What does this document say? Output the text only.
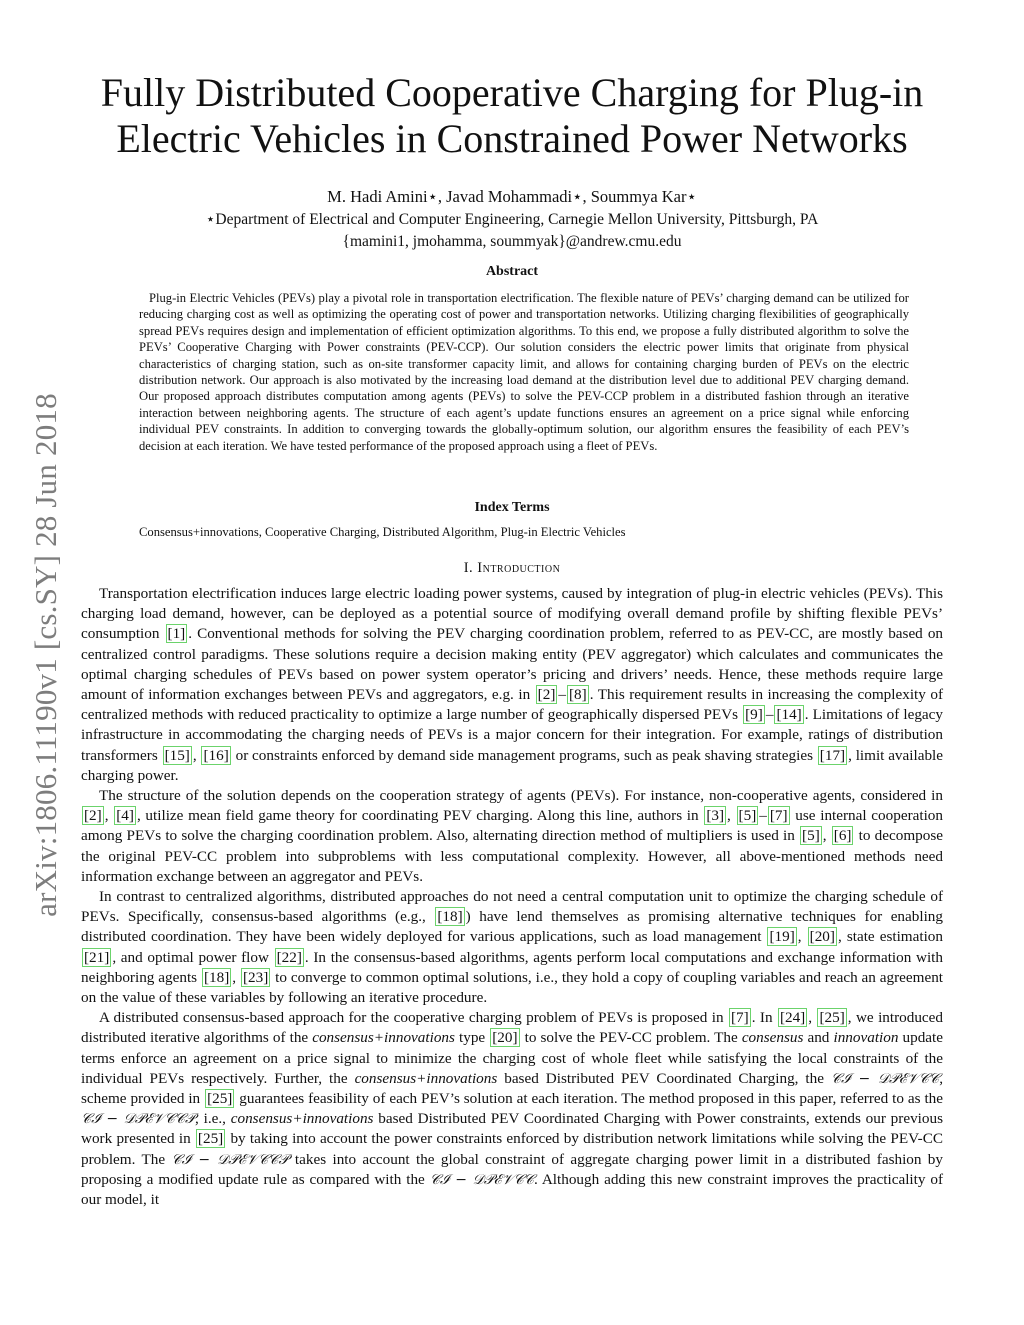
arXiv:1806.11190v1 [cs.SY] 28 Jun 2018
Fully Distributed Cooperative Charging for Plug-in
Electric Vehicles in Constrained Power Networks
M. Hadi Amini⋆, Javad Mohammadi⋆, Soummya Kar⋆
⋆Department of Electrical and Computer Engineering, Carnegie Mellon University, Pittsburgh, PA
{mamini1, jmohamma, soummyak}@andrew.cmu.edu
Abstract
Plug-in Electric Vehicles (PEVs) play a pivotal role in transportation electrification. The flexible nature of PEVs’ charging demand can be utilized for reducing charging cost as well as optimizing the operating cost of power and transportation networks. Utilizing charging flexibilities of geographically spread PEVs requires design and implementation of efficient optimization algorithms. To this end, we propose a fully distributed algorithm to solve the PEVs’ Cooperative Charging with Power constraints (PEV-CCP). Our solution considers the electric power limits that originate from physical characteristics of charging station, such as on-site transformer capacity limit, and allows for containing charging burden of PEVs on the electric distribution network. Our approach is also motivated by the increasing load demand at the distribution level due to additional PEV charging demand. Our proposed approach distributes computation among agents (PEVs) to solve the PEV-CCP problem in a distributed fashion through an iterative interaction between neighboring agents. The structure of each agent’s update functions ensures an agreement on a price signal while enforcing individual PEV constraints. In addition to converging towards the globally-optimum solution, our algorithm ensures the feasibility of each PEV’s decision at each iteration. We have tested performance of the proposed approach using a fleet of PEVs.
Index Terms
Consensus+innovations, Cooperative Charging, Distributed Algorithm, Plug-in Electric Vehicles
I. Introduction

Transportation electrification induces large electric loading power systems, caused by integration of plug-in electric vehicles (PEVs). This charging load demand, however, can be deployed as a potential source of modifying overall demand profile by shifting flexible PEVs’ consumption [1] . Conventional methods for solving the PEV charging coordination problem, referred to as PEV-CC, are mostly based on centralized control paradigms. These solutions require a decision making entity (PEV aggregator) which calculates and communicates the optimal charging schedules of PEVs based on power system operator’s pricing and drivers’ needs. Hence, these methods require large amount of information exchanges between PEVs and aggregators, e.g. in [2] – [8] . This requirement results in increasing the complexity of centralized methods with reduced practicality to optimize a large number of geographically dispersed PEVs [9] – [14] . Limitations of legacy infrastructure in accommodating the charging needs of PEVs is a major concern for their integration. For example, ratings of distribution transformers [15] , [16] or constraints enforced by demand side management programs, such as peak shaving strategies [17] , limit available charging power.

The structure of the solution depends on the cooperation strategy of agents (PEVs). For instance, non-cooperative agents, considered in [2] , [4] , utilize mean field game theory for coordinating PEV charging. Along this line, authors in [3] , [5] – [7] use internal cooperation among PEVs to solve the charging coordination problem. Also, alternating direction method of multipliers is used in [5] , [6] to decompose the original PEV-CC problem into subproblems with less computational complexity. However, all above-mentioned methods need information exchange between an aggregator and PEVs.

In contrast to centralized algorithms, distributed approaches do not need a central computation unit to optimize the charging schedule of PEVs. Specifically, consensus-based algorithms (e.g., [18] ) have lend themselves as promising alternative techniques for enabling distributed coordination. They have been widely deployed for various applications, such as load management [19] , [20] , state estimation [21] , and optimal power flow [22] . In the consensus-based algorithms, agents perform local computations and exchange information with neighboring agents [18] , [23] to converge to common optimal solutions, i.e., they hold a copy of coupling variables and reach an agreement on the value of these variables by following an iterative procedure.

A distributed consensus-based approach for the cooperative charging problem of PEVs is proposed in [7] . In [24] , [25] , we introduced distributed iterative algorithms of the consensus+innovations type [20] to solve the PEV-CC problem. The consensus and innovation update terms enforce an agreement on a price signal to minimize the charging cost of whole fleet while satisfying the local constraints of the individual PEVs respectively. Further, the consensus+innovations based Distributed PEV Coordinated Charging, the 𝒞ℐ − 𝒟𝒫ℰ𝒱𝒞𝒞, scheme provided in [25] guarantees feasibility of each PEV’s solution at each iteration. The method proposed in this paper, referred to as the 𝒞ℐ − 𝒟𝒫ℰ𝒱𝒞𝒞𝒫, i.e., consensus+innovations based Distributed PEV Coordinated Charging with Power constraints, extends our previous work presented in [25] by taking into account the power constraints enforced by distribution network limitations while solving the PEV-CC problem. The 𝒞ℐ − 𝒟𝒫ℰ𝒱𝒞𝒞𝒫 takes into account the global constraint of aggregate charging power limit in a distributed fashion by proposing a modified update rule as compared with the 𝒞ℐ − 𝒟𝒫ℰ𝒱𝒞𝒞. Although adding this new constraint improves the practicality of our model, it
